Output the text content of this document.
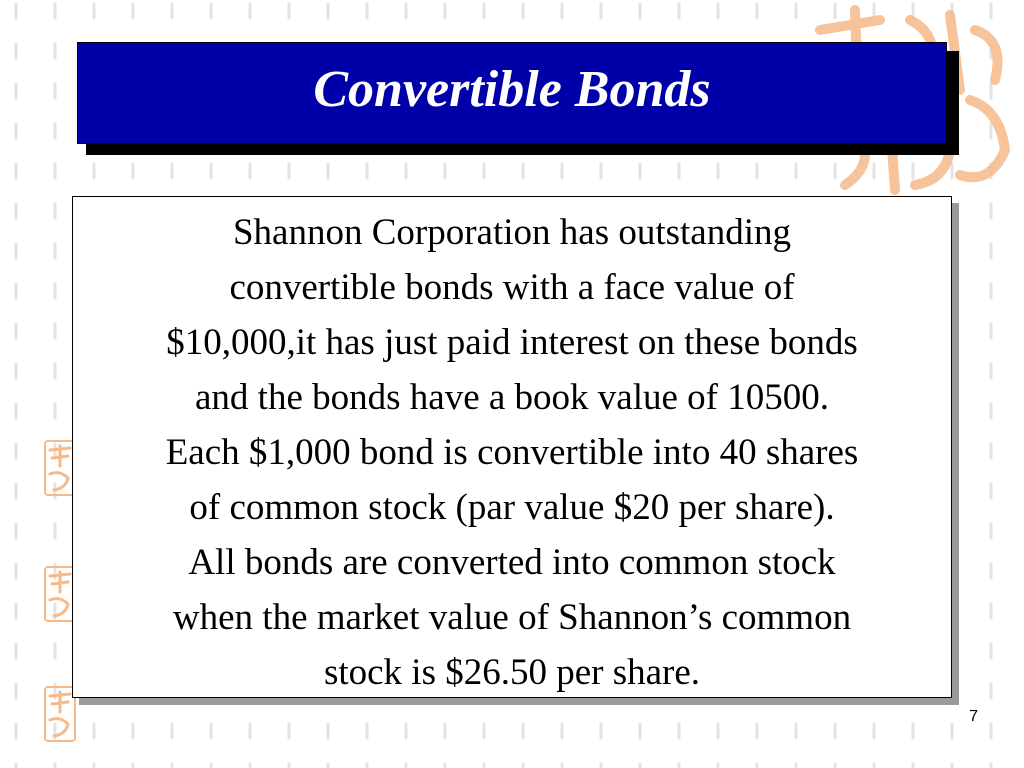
Convertible Bonds

Shannon Corporation has outstanding
convertible bonds with a face value of
$10,000,it has just paid interest on these bonds
and the bonds have a book value of 10500.
Each $1,000 bond is convertible into 40 shares
of common stock (par value $20 per share).
All bonds are converted into common stock
when the market value of Shannon’s common
stock is $26.50 per share.

7
